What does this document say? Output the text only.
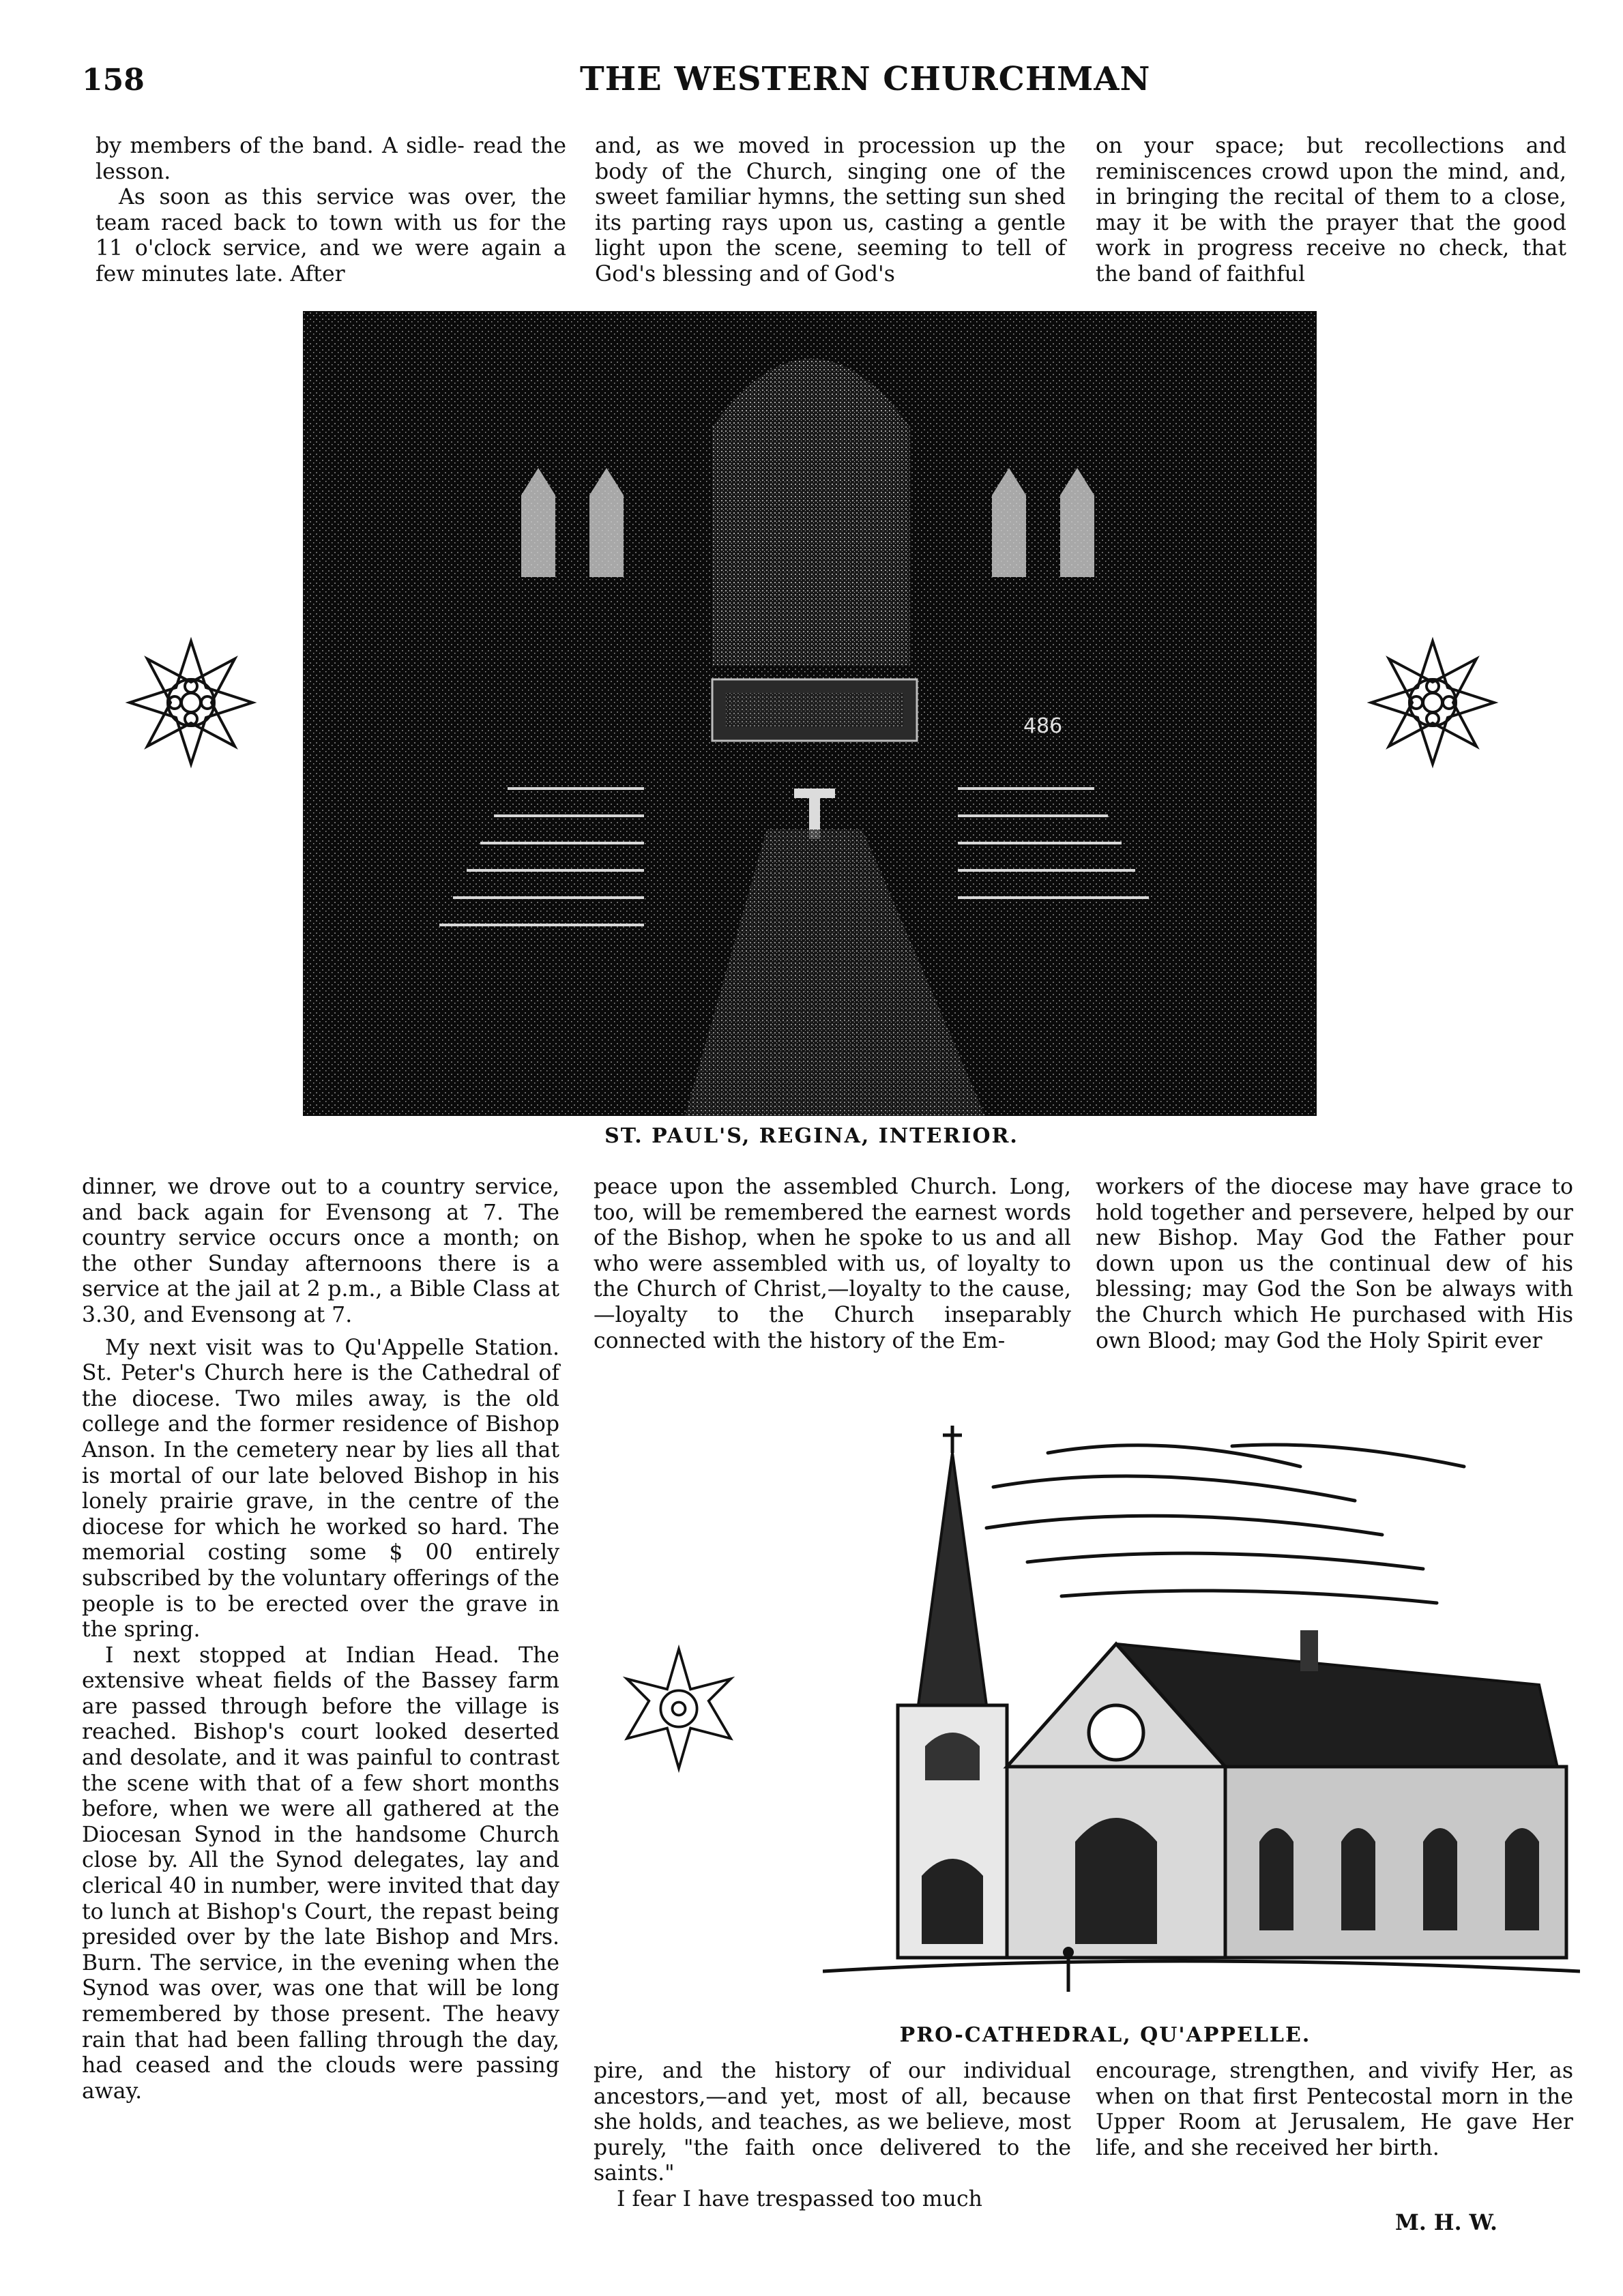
158	THE WESTERN CHURCHMAN

by members of the band. A sidle- read the lesson.

As soon as this service was over, the team raced back to town with us for the 11 o'clock service, and we were again a few minutes late. After

and, as we moved in procession up the body of the Church, singing one of the sweet familiar hymns, the setting sun shed its parting rays upon us, casting a gentle light upon the scene, seeming to tell of God's blessing and of God's

on your space; but recollections and reminiscences crowd upon the mind, and, in bringing the recital of them to a close, may it be with the prayer that the good work in progress receive no check, that the band of faithful

486
ST. PAUL'S, REGINA, INTERIOR.

dinner, we drove out to a country service, and back again for Evensong at 7. The country service occurs once a month; on the other Sunday afternoons there is a service at the jail at 2 p.m., a Bible Class at 3.30, and Evensong at 7.

My next visit was to Qu'Appelle Station. St. Peter's Church here is the Cathedral of the diocese. Two miles away, is the old college and the former residence of Bishop Anson. In the cemetery near by lies all that is mortal of our late beloved Bishop in his lonely prairie grave, in the centre of the diocese for which he worked so hard. The memorial costing some $ 00 entirely subscribed by the voluntary offerings of the people is to be erected over the grave in the spring.

I next stopped at Indian Head. The extensive wheat fields of the Bassey farm are passed through before the village is reached. Bishop's court looked deserted and desolate, and it was painful to contrast the scene with that of a few short months before, when we were all gathered at the Diocesan Synod in the handsome Church close by. All the Synod delegates, lay and clerical 40 in number, were invited that day to lunch at Bishop's Court, the repast being presided over by the late Bishop and Mrs. Burn. The service, in the evening when the Synod was over, was one that will be long remembered by those present. The heavy rain that had been falling through the day, had ceased and the clouds were passing away.

peace upon the assembled Church. Long, too, will be remembered the earnest words of the Bishop, when he spoke to us and all who were assembled with us, of loyalty to the Church of Christ,—loyalty to the cause, —loyalty to the Church inseparably connected with the history of the Em-

workers of the diocese may have grace to hold together and persevere, helped by our new Bishop. May God the Father pour down upon us the continual dew of his blessing; may God the Son be always with the Church which He purchased with His own Blood; may God the Holy Spirit ever

PRO-CATHEDRAL, QU'APPELLE.

pire, and the history of our individual ancestors,—and yet, most of all, because she holds, and teaches, as we believe, most purely, "the faith once delivered to the saints."

I fear I have trespassed too much

encourage, strengthen, and vivify Her, as when on that first Pentecostal morn in the Upper Room at Jerusalem, He gave Her life, and she received her birth.

M. H. W.
